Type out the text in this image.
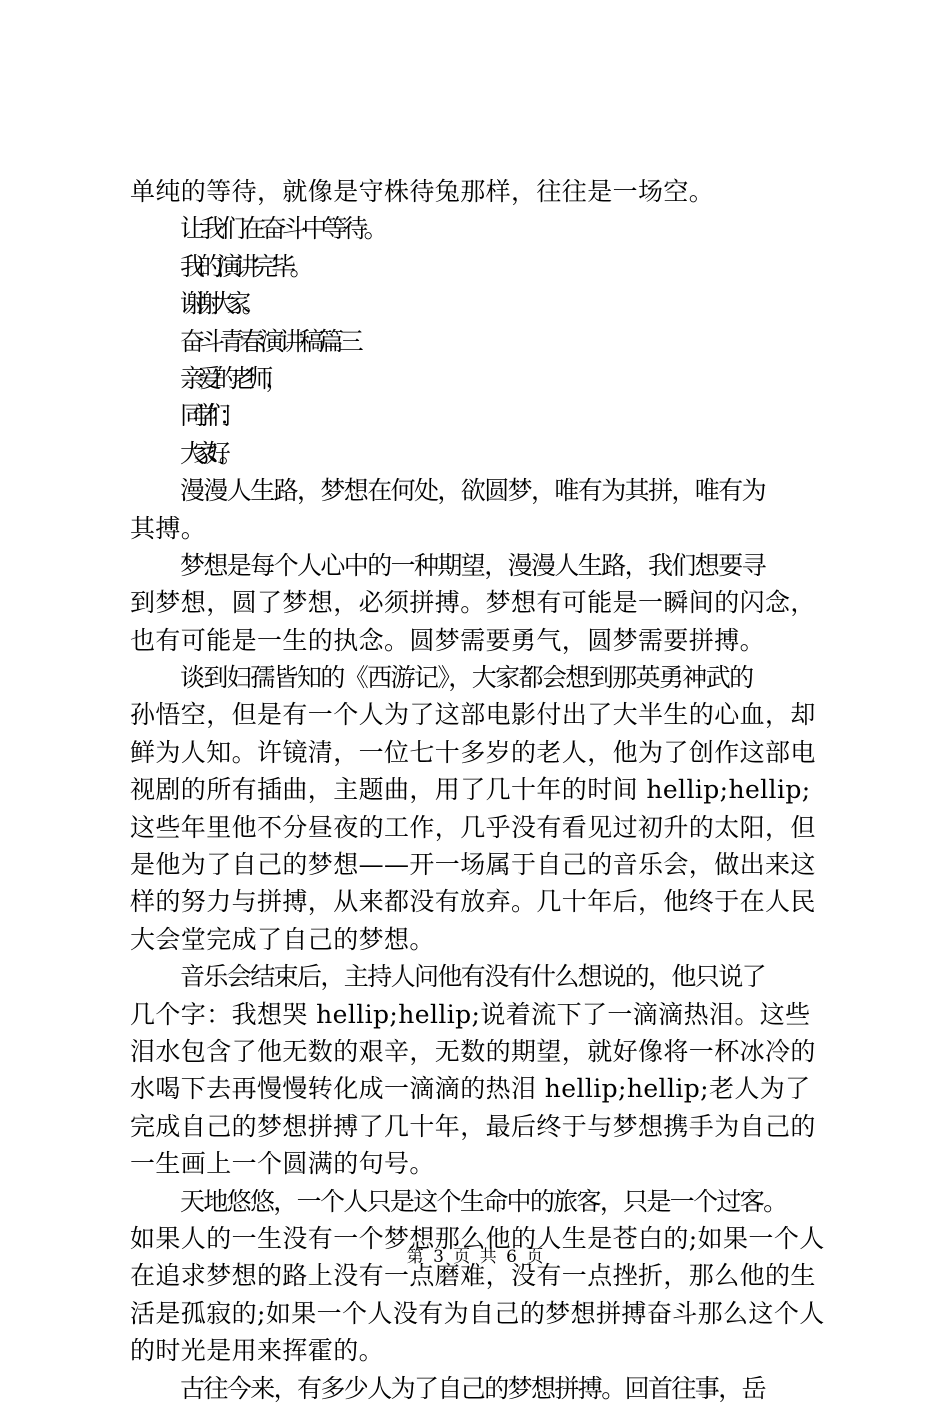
单纯的等待，就像是守株待兔那样，往往是一场空。
让我们在奋斗中等待。
我的演讲完毕。
谢谢大家。
奋斗青春演讲稿篇三
亲爱的老师，
同学们：
大家好。
漫漫人生路，梦想在何处，欲圆梦，唯有为其拼，唯有为
其搏。
梦想是每个人心中的一种期望，漫漫人生路，我们想要寻
到梦想，圆了梦想，必须拼搏。梦想有可能是一瞬间的闪念，
也有可能是一生的执念。圆梦需要勇气，圆梦需要拼搏。
谈到妇孺皆知的《西游记》，大家都会想到那英勇神武的
孙悟空，但是有一个人为了这部电影付出了大半生的心血，却
鲜为人知。许镜清，一位七十多岁的老人，他为了创作这部电
视剧的所有插曲，主题曲，用了几十年的时间 hellip;hellip;
这些年里他不分昼夜的工作，几乎没有看见过初升的太阳，但
是他为了自己的梦想——开一场属于自己的音乐会，做出来这
样的努力与拼搏，从来都没有放弃。几十年后，他终于在人民
大会堂完成了自己的梦想。
音乐会结束后，主持人问他有没有什么想说的，他只说了
几个字：我想哭 hellip;hellip;说着流下了一滴滴热泪。这些
泪水包含了他无数的艰辛，无数的期望，就好像将一杯冰冷的
水喝下去再慢慢转化成一滴滴的热泪 hellip;hellip;老人为了
完成自己的梦想拼搏了几十年，最后终于与梦想携手为自己的
一生画上一个圆满的句号。
天地悠悠，一个人只是这个生命中的旅客，只是一个过客。
如果人的一生没有一个梦想那么他的人生是苍白的;如果一个人
在追求梦想的路上没有一点磨难，没有一点挫折，那么他的生
活是孤寂的;如果一个人没有为自己的梦想拼搏奋斗那么这个人
的时光是用来挥霍的。
古往今来，有多少人为了自己的梦想拼搏。回首往事，岳
第 3 页 共 6 页
